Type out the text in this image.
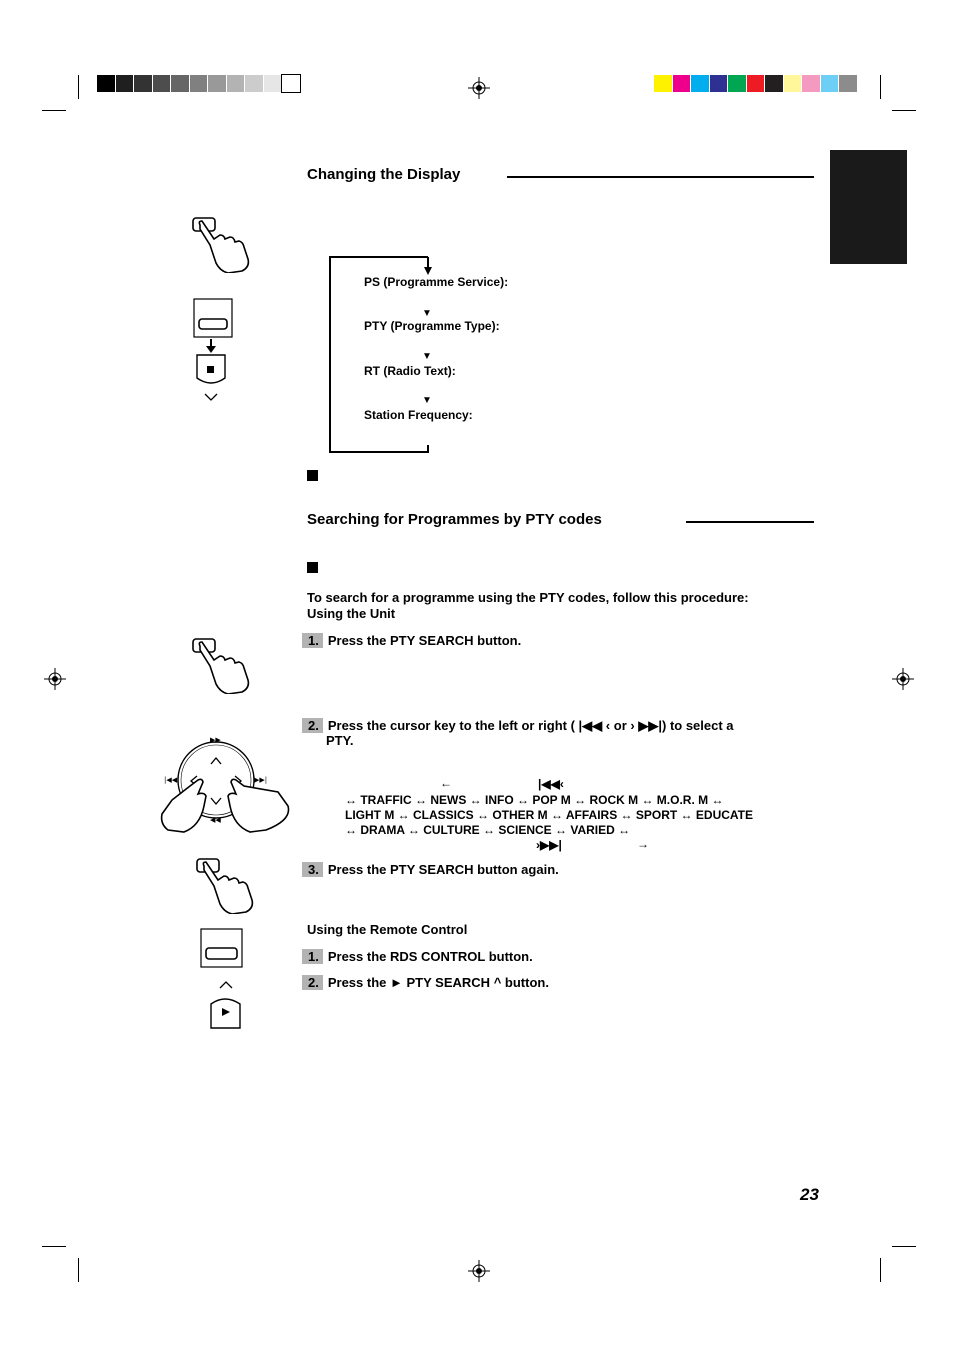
Changing the Display
PS (Programme Service):
▼
PTY (Programme Type):
▼
RT (Radio Text):
▼
Station Frequency:
Searching for Programmes by PTY codes
To search for a programme using the PTY codes, follow this procedure:
Using the Unit
1. Press the PTY SEARCH button.
2. Press the cursor key to the left or right ( |◀◀ ‹ or › ▶▶|) to select a
PTY.
←	|◀◀‹
↔ TRAFFIC ↔ NEWS ↔ INFO ↔ POP M ↔ ROCK M ↔ M.O.R. M ↔
LIGHT M ↔ CLASSICS ↔ OTHER M ↔ AFFAIRS ↔ SPORT ↔ EDUCATE
↔ DRAMA ↔ CULTURE ↔ SCIENCE ↔ VARIED ↔
›▶▶|	→
3. Press the PTY SEARCH button again.
Using the Remote Control
1. Press the RDS CONTROL button.
2. Press the ► PTY SEARCH ^ button.
▶▶
◀◀
|◀◀	▶▶|
23
